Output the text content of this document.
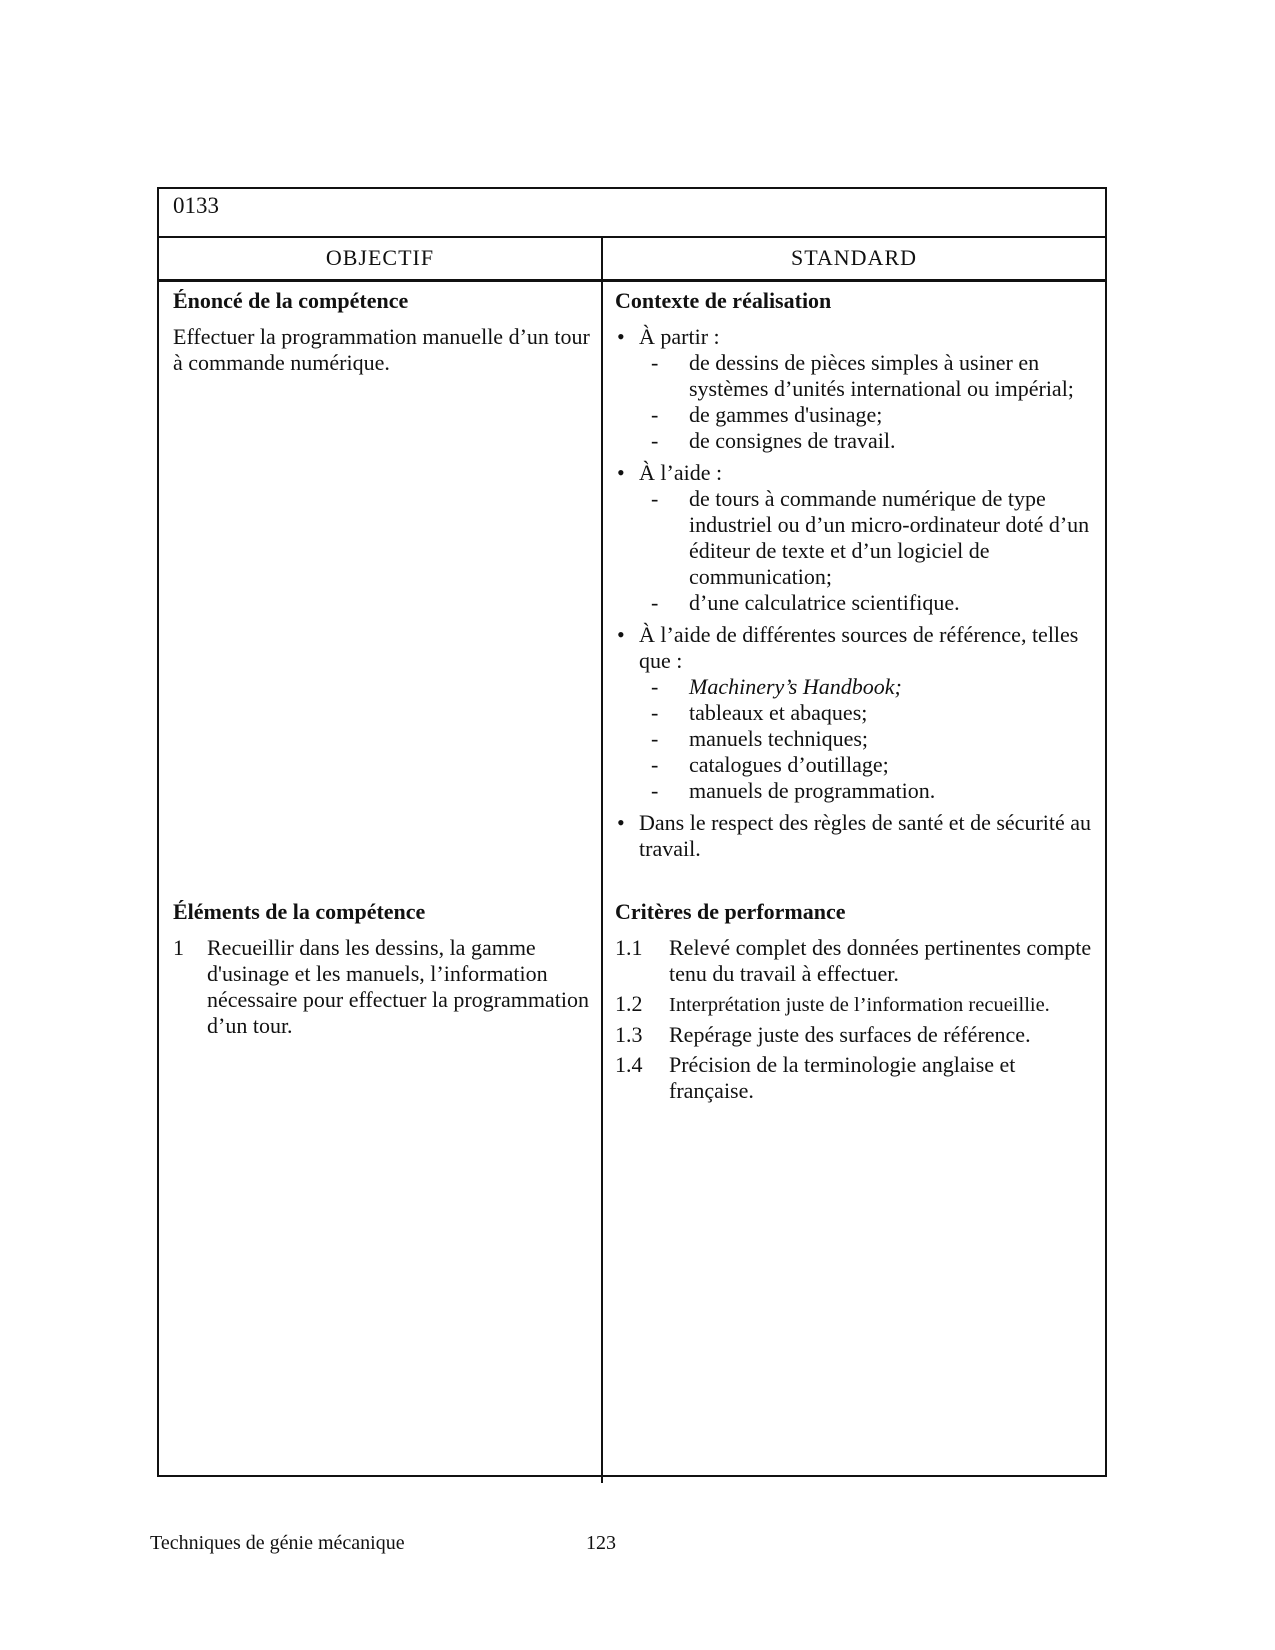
0133
OBJECTIF	STANDARD
Énoncé de la compétence
Effectuer la programmation manuelle d’un tour à commande numérique.
Contexte de réalisation
• À partir :
- de dessins de pièces simples à usiner en systèmes d’unités international ou impérial;
- de gammes d'usinage;
- de consignes de travail.
• À l’aide :
- de tours à commande numérique de type industriel ou d’un micro-ordinateur doté d’un éditeur de texte et d’un logiciel de communication;
- d’une calculatrice scientifique.
• À l’aide de différentes sources de référence, telles que :
- Machinery’s Handbook;
- tableaux et abaques;
- manuels techniques;
- catalogues d’outillage;
- manuels de programmation.
• Dans le respect des règles de santé et de sécurité au travail.
Éléments de la compétence
1 Recueillir dans les dessins, la gamme d'usinage et les manuels, l’information nécessaire pour effectuer la programmation d’un tour.
Critères de performance
1.1 Relevé complet des données pertinentes compte tenu du travail à effectuer.
1.2 Interprétation juste de l’information recueillie.
1.3 Repérage juste des surfaces de référence.
1.4 Précision de la terminologie anglaise et française.
Techniques de génie mécanique	123
